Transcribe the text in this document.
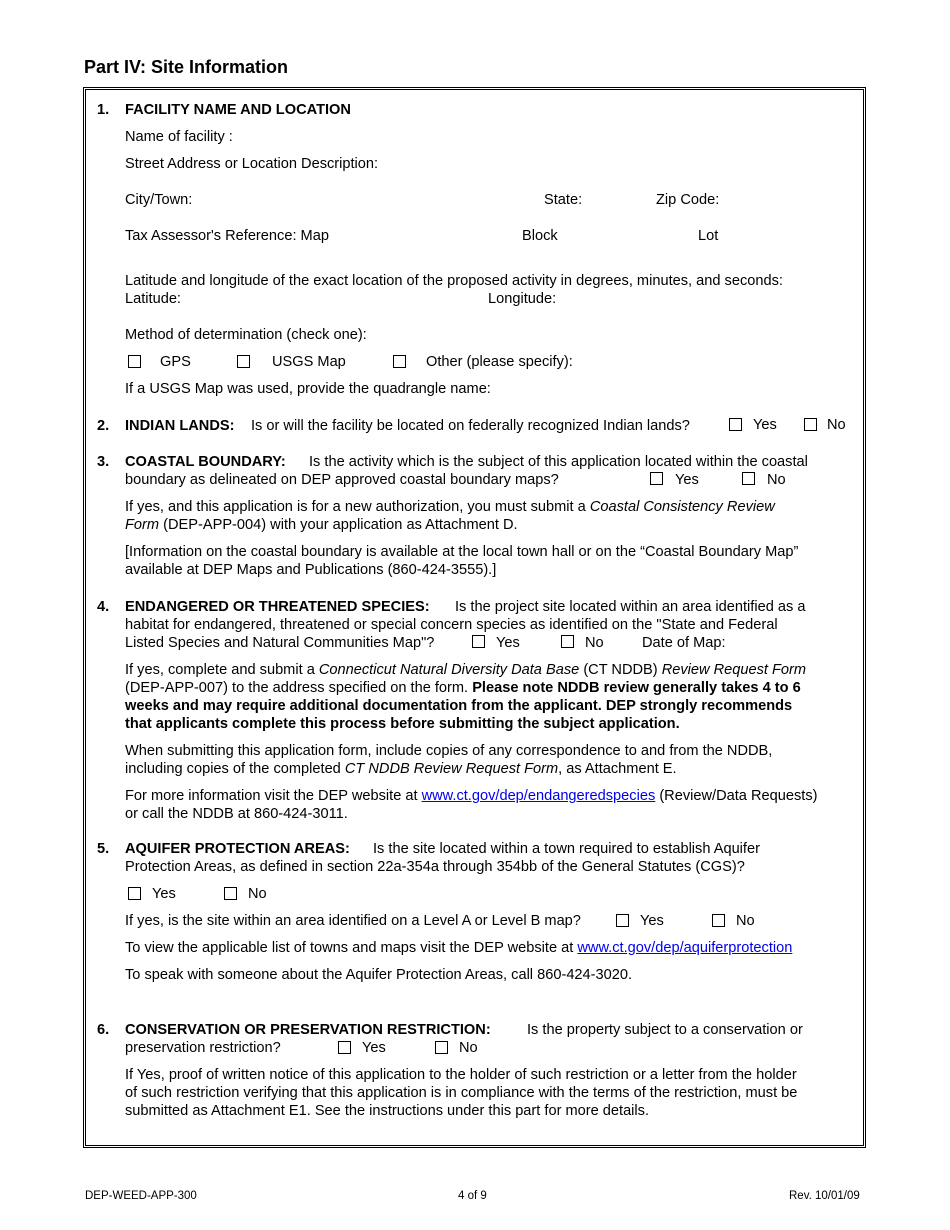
Part IV: Site Information
1. FACILITY NAME AND LOCATION
Name of facility :
Street Address or Location Description:
City/Town:	State:	Zip Code:
Tax Assessor's Reference: Map	Block	Lot
Latitude and longitude of the exact location of the proposed activity in degrees, minutes, and seconds:
Latitude:	Longitude:
Method of determination (check one):
GPS	USGS Map	Other (please specify):
If a USGS Map was used, provide the quadrangle name:
2. INDIAN LANDS: Is or will the facility be located on federally recognized Indian lands?	Yes	No
3. COASTAL BOUNDARY: Is the activity which is the subject of this application located within the coastal
boundary as delineated on DEP approved coastal boundary maps?	Yes	No
If yes, and this application is for a new authorization, you must submit a Coastal Consistency Review
Form (DEP-APP-004) with your application as Attachment D.
[Information on the coastal boundary is available at the local town hall or on the “Coastal Boundary Map”
available at DEP Maps and Publications (860-424-3555).]
4. ENDANGERED OR THREATENED SPECIES: Is the project site located within an area identified as a
habitat for endangered, threatened or special concern species as identified on the "State and Federal
Listed Species and Natural Communities Map"?	Yes	No	Date of Map:
If yes, complete and submit a Connecticut Natural Diversity Data Base (CT NDDB) Review Request Form
(DEP-APP-007) to the address specified on the form. Please note NDDB review generally takes 4 to 6
weeks and may require additional documentation from the applicant. DEP strongly recommends
that applicants complete this process before submitting the subject application.
When submitting this application form, include copies of any correspondence to and from the NDDB,
including copies of the completed CT NDDB Review Request Form, as Attachment E.
For more information visit the DEP website at www.ct.gov/dep/endangeredspecies (Review/Data Requests)
or call the NDDB at 860-424-3011.
5. AQUIFER PROTECTION AREAS: Is the site located within a town required to establish Aquifer
Protection Areas, as defined in section 22a-354a through 354bb of the General Statutes (CGS)?
Yes	No
If yes, is the site within an area identified on a Level A or Level B map?	Yes	No
To view the applicable list of towns and maps visit the DEP website at www.ct.gov/dep/aquiferprotection
To speak with someone about the Aquifer Protection Areas, call 860-424-3020.
6. CONSERVATION OR PRESERVATION RESTRICTION: Is the property subject to a conservation or
preservation restriction?	Yes	No
If Yes, proof of written notice of this application to the holder of such restriction or a letter from the holder
of such restriction verifying that this application is in compliance with the terms of the restriction, must be
submitted as Attachment E1. See the instructions under this part for more details.
DEP-WEED-APP-300	4 of 9	Rev. 10/01/09
